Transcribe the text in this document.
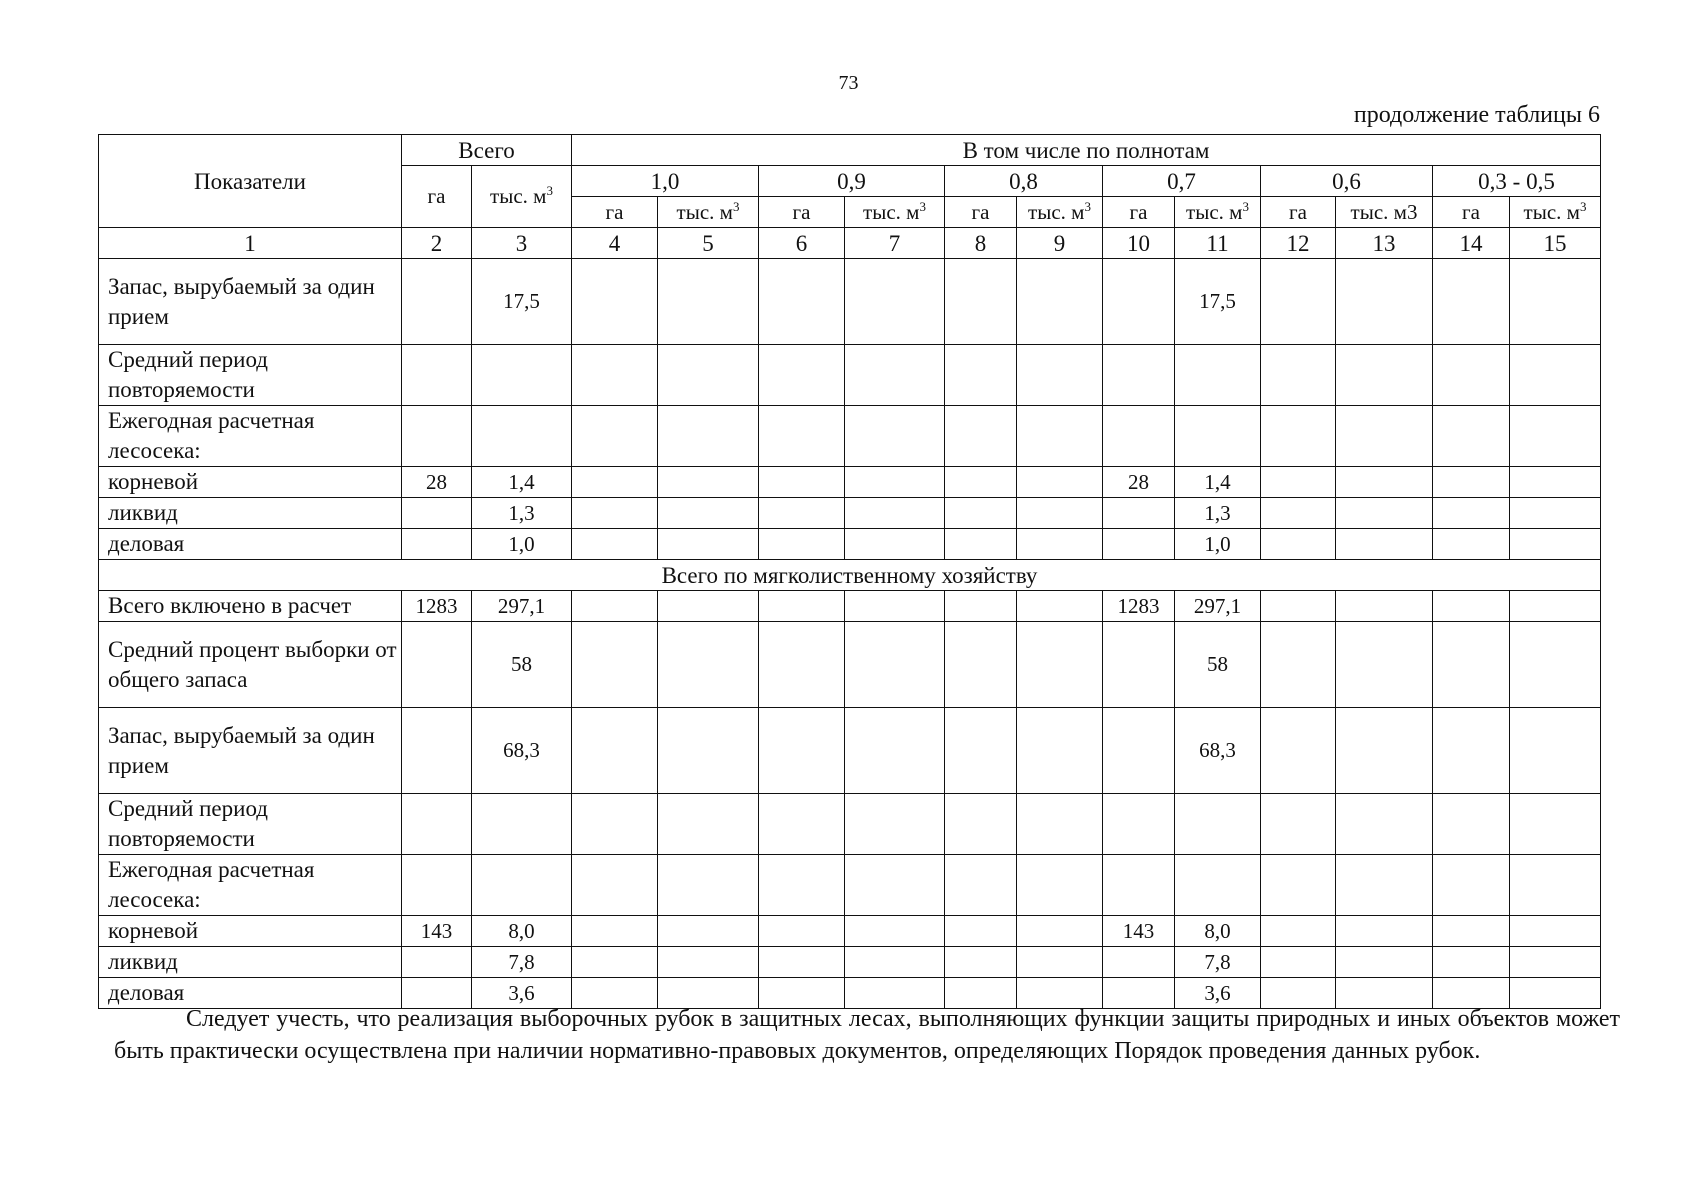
73
продолжение таблицы 6
Показатели	Всего		В том числе по полнотам											
	га	тыс. $м^3$	1,0		0,9		0,8		0,7		0,6		0,3 - 0,5	
			га	тыс. $м^3$	га	тыс. $м^3$	га	тыс. $м^3$	га	тыс. $м^3$	га	тыс. м3	га	тыс. $м^3$
1	2	3	4	5	6	7	8	9	10	11	12	13	14	15
Запас, вырубаемый за один прием		17,5								17,5				
Средний период повторяемости														
Ежегодная расчетная лесосека:														
корневой	28	1,4							28	1,4				
ликвид		1,3								1,3				
деловая		1,0								1,0				
Всего по мягколиственному хозяйству														
Всего включено в расчет	1283	297,1							1283	297,1				
Средний процент выборки от общего запаса		58								58				
Запас, вырубаемый за один прием		68,3								68,3				
Средний период повторяемости														
Ежегодная расчетная лесосека:														
корневой	143	8,0							143	8,0				
ликвид		7,8								7,8				
деловая		3,6								3,6				

Следует учесть, что реализация выборочных рубок в защитных лесах, выполняющих функции защиты природных и иных объектов может быть практически осуществлена при наличии нормативно-правовых документов, определяющих Порядок проведения данных рубок.
